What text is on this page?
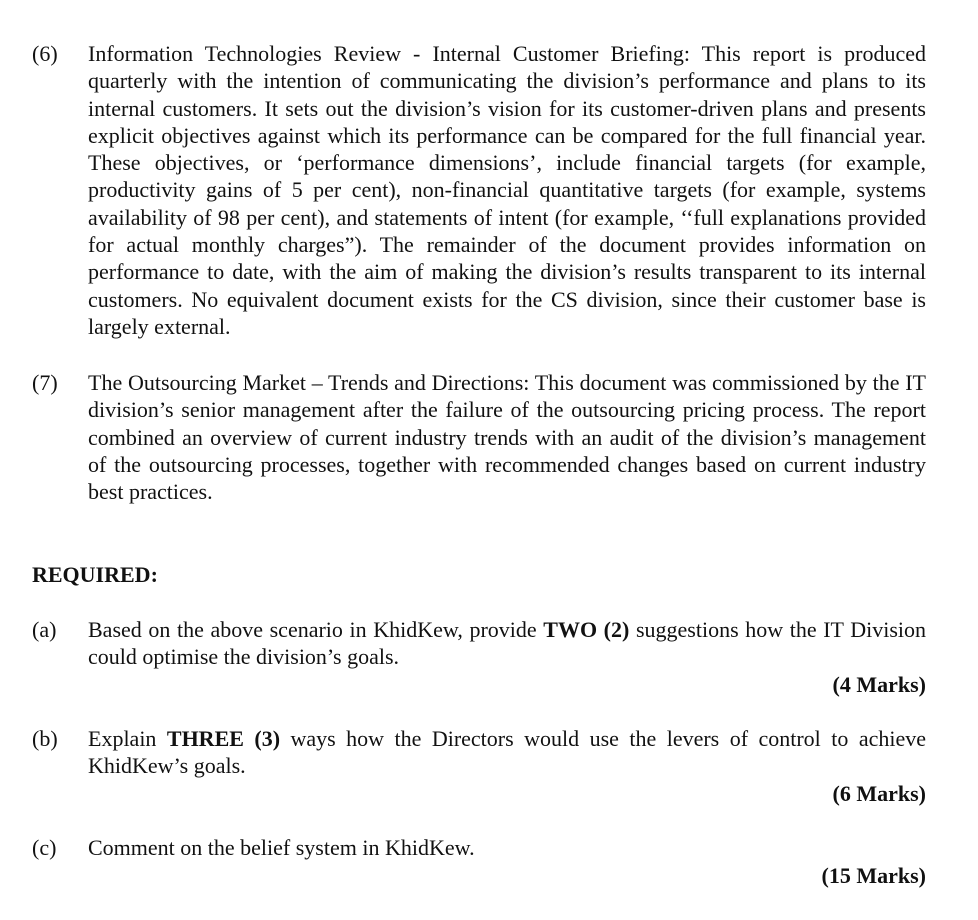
(6)	Information Technologies Review - Internal Customer Briefing: This report is produced quarterly with the intention of communicating the division’s performance and plans to its internal customers. It sets out the division’s vision for its customer-driven plans and presents explicit objectives against which its performance can be compared for the full financial year. These objectives, or ‘performance dimensions’, include financial targets (for example, productivity gains of 5 per cent), non-financial quantitative targets (for example, systems availability of 98 per cent), and statements of intent (for example, ‘‘full explanations provided for actual monthly charges”). The remainder of the document provides information on performance to date, with the aim of making the division’s results transparent to its internal customers. No equivalent document exists for the CS division, since their customer base is largely external.
(7)	The Outsourcing Market – Trends and Directions: This document was commissioned by the IT division’s senior management after the failure of the outsourcing pricing process. The report combined an overview of current industry trends with an audit of the division’s management of the outsourcing processes, together with recommended changes based on current industry best practices.
REQUIRED:
(a)	Based on the above scenario in KhidKew, provide TWO (2) suggestions how the IT Division could optimise the division’s goals.
(4 Marks)
(b)	Explain THREE (3) ways how the Directors would use the levers of control to achieve KhidKew’s goals.
(6 Marks)
(c)	Comment on the belief system in KhidKew.
(15 Marks)
